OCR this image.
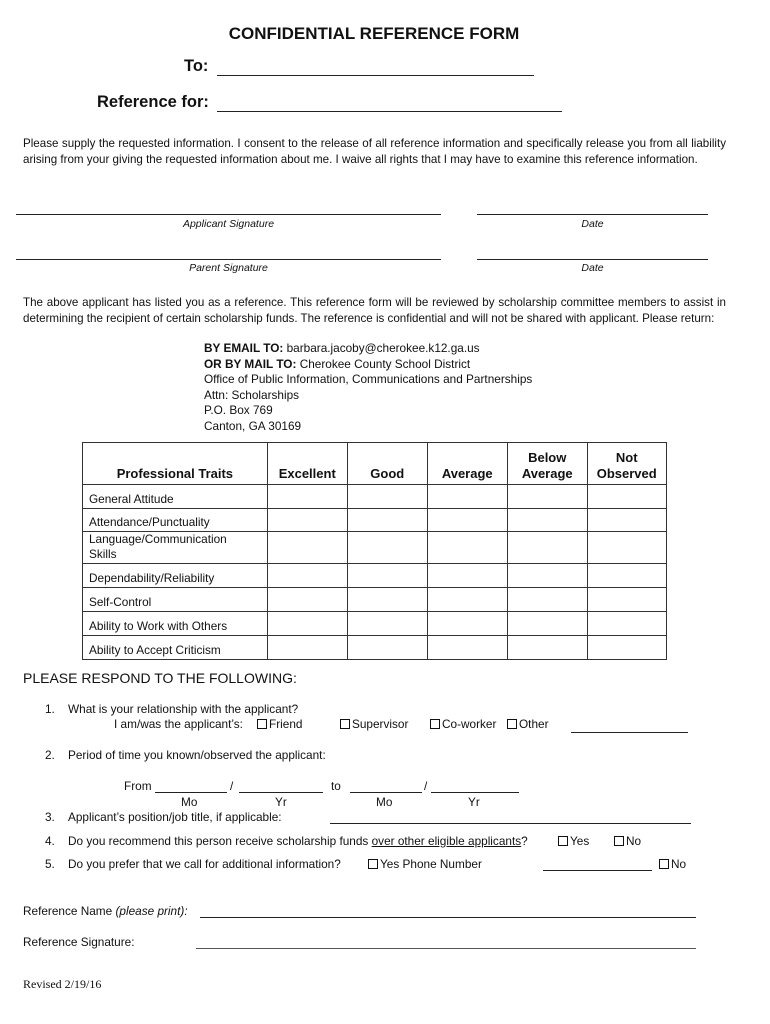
CONFIDENTIAL REFERENCE FORM
To:
Reference for:
Please supply the requested information. I consent to the release of all reference information and specifically release you from all liability arising from your giving the requested information about me. I waive all rights that I may have to examine this reference information.
Applicant Signature	Date
Parent Signature	Date
The above applicant has listed you as a reference. This reference form will be reviewed by scholarship committee members to assist in determining the recipient of certain scholarship funds. The reference is confidential and will not be shared with applicant. Please return:
BY EMAIL TO: barbara.jacoby@cherokee.k12.ga.us
OR BY MAIL TO: Cherokee County School District
Office of Public Information, Communications and Partnerships
Attn: Scholarships
P.O. Box 769
Canton, GA 30169
Professional Traits	Excellent	Good	Average	Below Average	Not Observed
General Attitude					
Attendance/Punctuality					
Language/Communication Skills					
Dependability/Reliability					
Self-Control					
Ability to Work with Others					
Ability to Accept Criticism					
PLEASE RESPOND TO THE FOLLOWING:
1. What is your relationship with the applicant?
I am/was the applicant’s:	Friend	Supervisor	Co-worker	Other
2. Period of time you known/observed the applicant:
From	/	to	/
Mo	Yr	Mo	Yr
3. Applicant’s position/job title, if applicable:
4. Do you recommend this person receive scholarship funds over other eligible applicants?	Yes	No
5. Do you prefer that we call for additional information?	Yes Phone Number	No
Reference Name (please print):
Reference Signature:
Revised 2/19/16
